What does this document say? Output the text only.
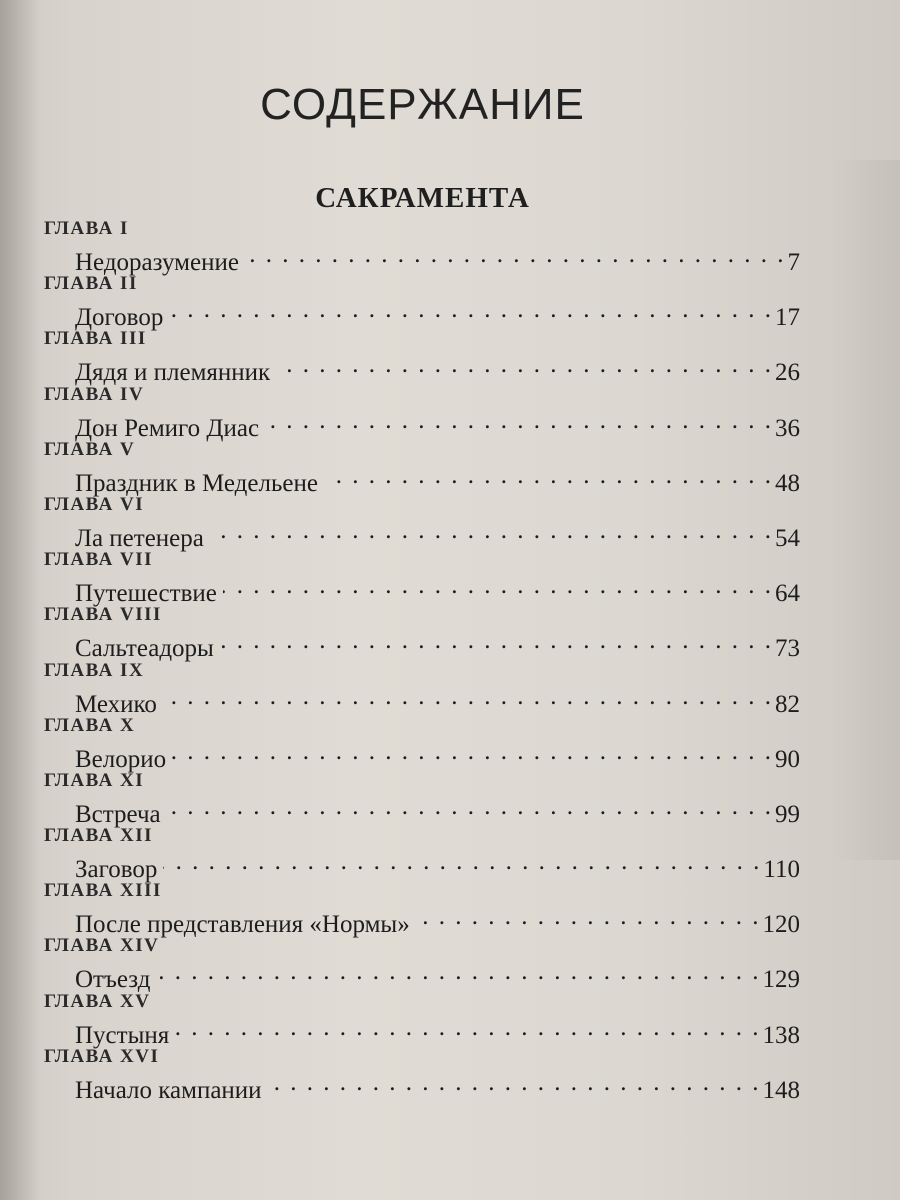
СОДЕРЖАНИЕ
САКРАМЕНТА
ГЛАВА I
Недоразумение . . .	7
ГЛАВА II
Договор . . .	17
ГЛАВА III
Дядя и племянник . . .	26
ГЛАВА IV
Дон Ремиго Диас . . .	36
ГЛАВА V
Праздник в Медельене . . .	48
ГЛАВА VI
Ла петенера . . .	54
ГЛАВА VII
Путешествие . . .	64
ГЛАВА VIII
Сальтеадоры . . .	73
ГЛАВА IX
Мехико . . .	82
ГЛАВА X
Велорио . . .	90
ГЛАВА XI
Встреча . . .	99
ГЛАВА XII
Заговор . . .	110
ГЛАВА XIII
После представления «Нормы» . . .	120
ГЛАВА XIV
Отъезд . . .	129
ГЛАВА XV
Пустыня . . .	138
ГЛАВА XVI
Начало кампании . . .	148
